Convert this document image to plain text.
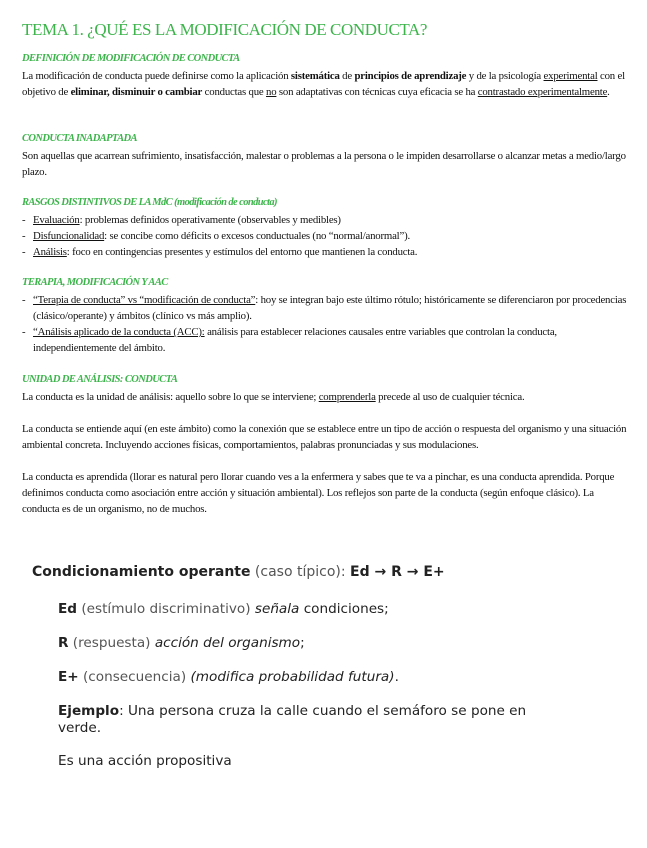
TEMA 1. ¿QUÉ ES LA MODIFICACIÓN DE CONDUCTA?
DEFINICIÓN DE MODIFICACIÓN DE CONDUCTA
La modificación de conducta puede definirse como la aplicación sistemática de principios de aprendizaje y de la psicología experimental con el objetivo de eliminar, disminuir o cambiar conductas que no son adaptativas con técnicas cuya eficacia se ha contrastado experimentalmente.
CONDUCTA INADAPTADA
Son aquellas que acarrean sufrimiento, insatisfacción, malestar o problemas a la persona o le impiden desarrollarse o alcanzar metas a medio/largo plazo.
RASGOS DISTINTIVOS DE LA MdC (modificación de conducta)
- Evaluación: problemas definidos operativamente (observables y medibles)
- Disfuncionalidad: se concibe como déficits o excesos conductuales (no “normal/anormal”).
- Análisis: foco en contingencias presentes y estímulos del entorno que mantienen la conducta.
TERAPIA, MODIFICACIÓN Y AAC
- “Terapia de conducta” vs “modificación de conducta”: hoy se integran bajo este último rótulo; históricamente se diferenciaron por procedencias (clásico/operante) y ámbitos (clínico vs más amplio).
- “Análisis aplicado de la conducta (ACC): análisis para establecer relaciones causales entre variables que controlan la conducta, independientemente del ámbito.
UNIDAD DE ANÁLISIS: CONDUCTA
La conducta es la unidad de análisis: aquello sobre lo que se interviene; comprenderla precede al uso de cualquier técnica.
La conducta se entiende aquí (en este ámbito) como la conexión que se establece entre un tipo de acción o respuesta del organismo y una situación ambiental concreta. Incluyendo acciones físicas, comportamientos, palabras pronunciadas y sus modulaciones.
La conducta es aprendida (llorar es natural pero llorar cuando ves a la enfermera y sabes que te va a pinchar, es una conducta aprendida. Porque definimos conducta como asociación entre acción y situación ambiental). Los reflejos son parte de la conducta (según enfoque clásico). La conducta es de un organismo, no de muchos.
Condicionamiento operante (caso típico): Ed → R → E+
Ed (estímulo discriminativo) señala condiciones;
R (respuesta) acción del organismo;
E+ (consecuencia) (modifica probabilidad futura).
Ejemplo: Una persona cruza la calle cuando el semáforo se pone en
verde.
Es una acción propositiva
